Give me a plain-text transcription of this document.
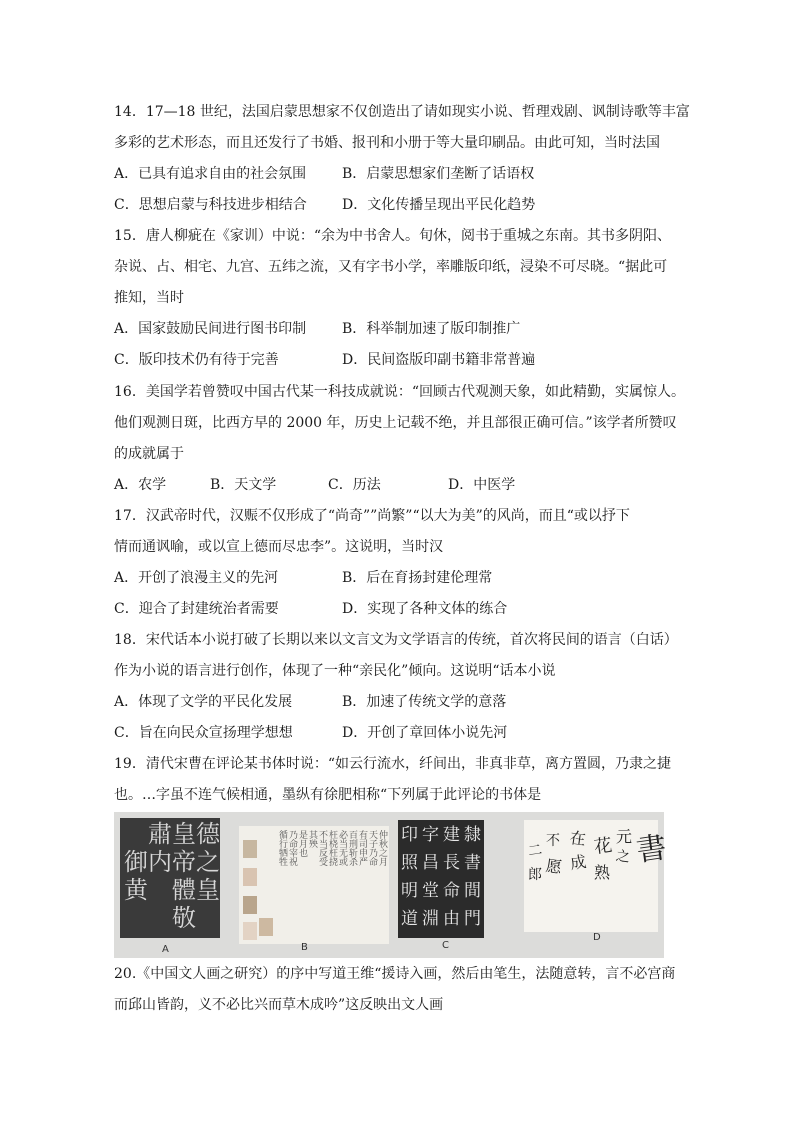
14．17—18 世纪，法国启蒙思想家不仅创造出了请如现实小说、哲理戏剧、讽制诗歌等丰富
多彩的艺术形态，而且还发行了书婚、报刊和小册于等大量印刷品。由此可知，当时法国
A．已具有追求自由的社会氛围	B．启蒙思想家们垄断了话语权
C．思想启蒙与科技进步相结合	D．文化传播呈现出平民化趋势
15．唐人柳疵在《家训）中说：“余为中书舍人。旬休，阅书于重城之东南。其书多阴阳、
杂说、占、相宅、九宫、五纬之流，又有字书小学，率雕版印纸，浸染不可尽晓。“据此可
推知，当时
A．国家鼓励民间进行图书印制	B．科举制加速了版印制推广
C．版印技术仍有待于完善	D．民间盗版印副书籍非常普遍
16．美国学若曾赞叹中国古代某一科技成就说：“回顾古代观测天象，如此精勤，实属惊人。
他们观测日斑，比西方早的 2000 年，历史上记载不绝，并且部很正确可信。”该学者所赞叹
的成就属于
A．农学	B．天文学	C．历法	D．中医学
17．汉武帝时代，汉赈不仅形成了“尚奇””尚繁”“以大为美”的风尚，而且“或以抒下
情而通讽喻，或以宣上德而尽忠李”。这说明，当时汉
A．开创了浪漫主义的先河	B．后在育扬封建伦理常
C．迎合了封建统治者需要	D．实现了各种文体的练合
18．宋代话本小说打破了长期以来以文言文为文学语言的传统，首次将民间的语言（白话）
作为小说的语言进行创作，体现了一种“亲民化”倾向。这说明“话本小说
A．体现了文学的平民化发展	B．加速了传统文学的意落
C．旨在向民众宣扬理学想想	D．开创了章回体小说先河
19．清代宋曹在评论某书体时说：“如云行流水，纤间出，非真非草，离方置圆，乃隶之捷
也。…字虽不连气候相通，墨纵有徐肥相称“下列属于此评论的书体是
20.《中国文人画之研究）的序中写道王维“援诗入画，然后由笔生，法随意转，言不必宫商
而邱山皆韵，义不必比兴而草木成吟”这反映出文人画
皇
帝
體
敬
德
之
皇
肅
内
御
黄
仲秋之月
天子乃命
有司申严
百刑斩杀
必当无或
枉桡枉挠
不当反受
其殃
是月也
乃命宰祝
循行牺牲	隸
書
間
門
建
長
命
由
字
昌
堂
淵
印
照
明
道
書
元
之
花
熟
在
成
不
愿
二
郎
A	B	C
D
